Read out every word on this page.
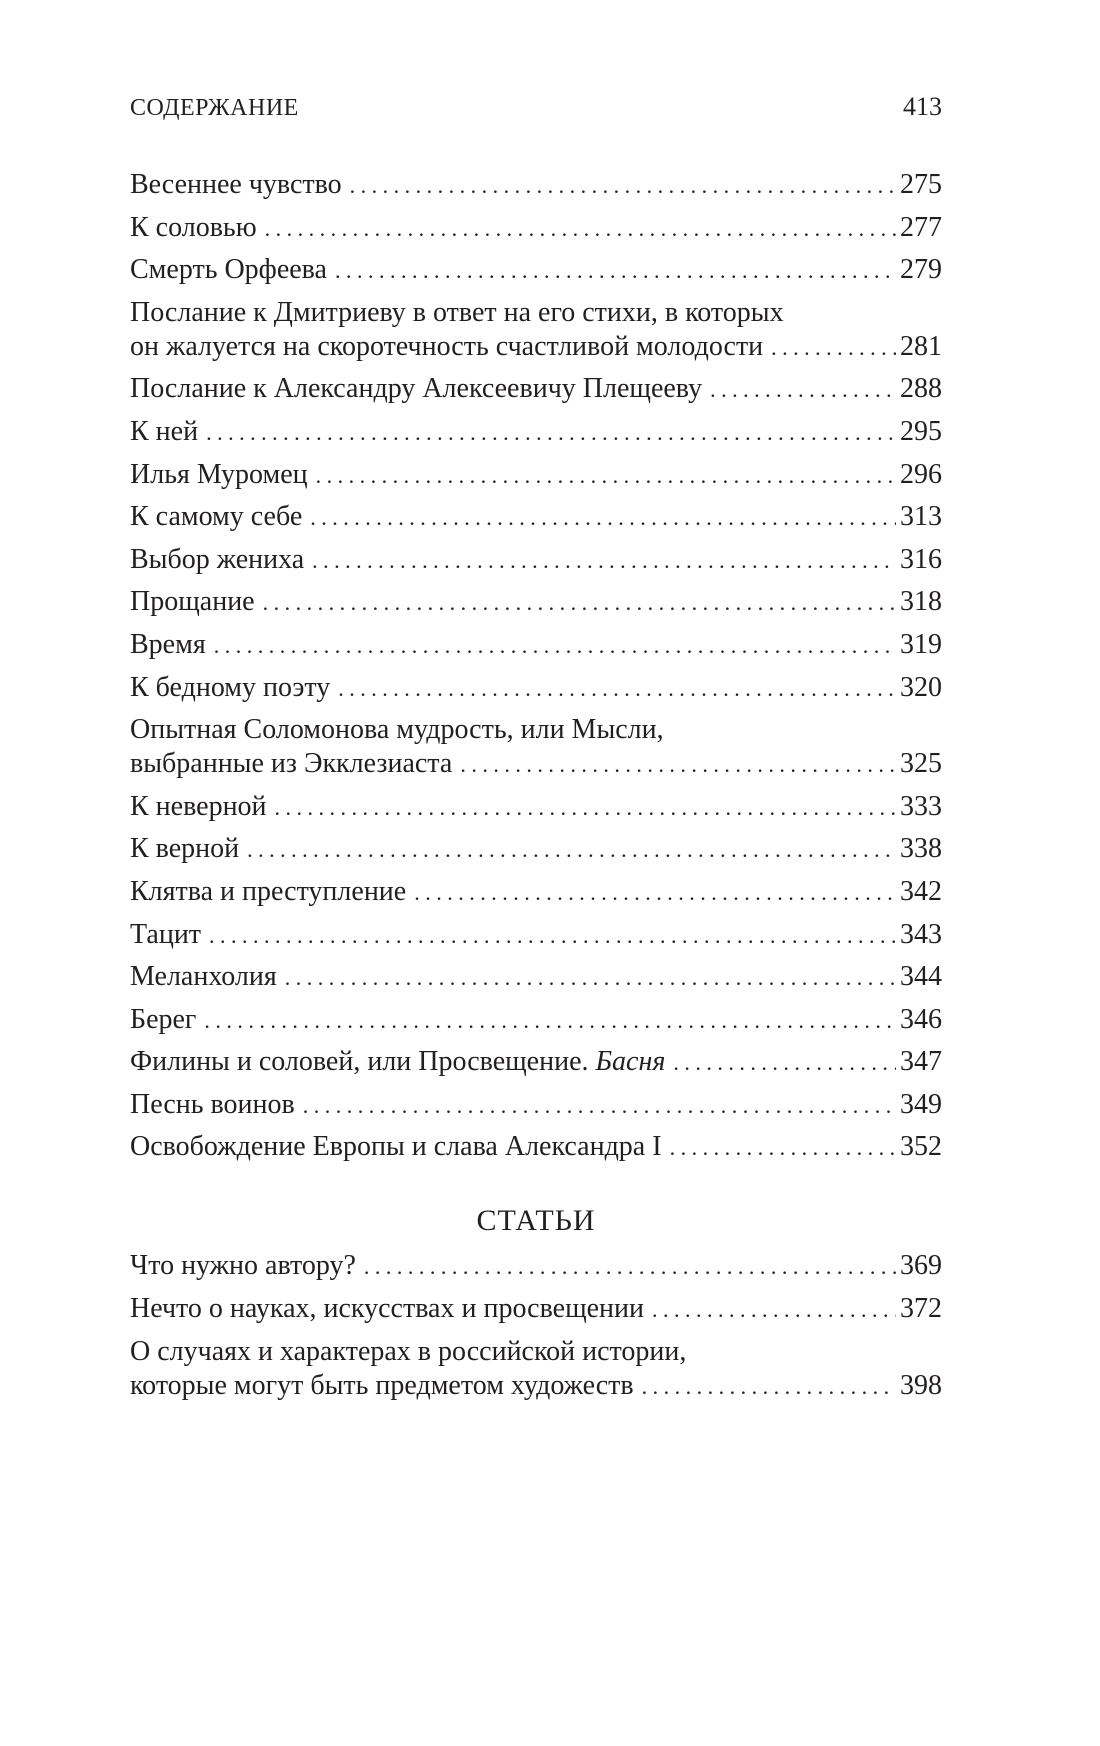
СОДЕРЖАНИЕ	413
Весеннее чувство . . .	275
К соловью . . .	277
Смерть Орфеева . . .	279
Послание к Дмитриеву в ответ на его стихи, в которых
он жалуется на скоротечность счастливой молодости . . .	281
Послание к Александру Алексеевичу Плещееву . . .	288
К ней . . .	295
Илья Муромец . . .	296
К самому себе . . .	313
Выбор жениха . . .	316
Прощание . . .	318
Время . . .	319
К бедному поэту . . .	320
Опытная Соломонова мудрость, или Мысли,
выбранные из Экклезиаста . . .	325
К неверной . . .	333
К верной . . .	338
Клятва и преступление . . .	342
Тацит . . .	343
Меланхолия . . .	344
Берег . . .	346
Филины и соловей, или Просвещение. Басня . . .	347
Песнь воинов . . .	349
Освобождение Европы и слава Александра I . . .	352
СТАТЬИ
Что нужно автору? . . .	369
Нечто о науках, искусствах и просвещении . . .	372
О случаях и характерах в российской истории,
которые могут быть предметом художеств . . .	398
